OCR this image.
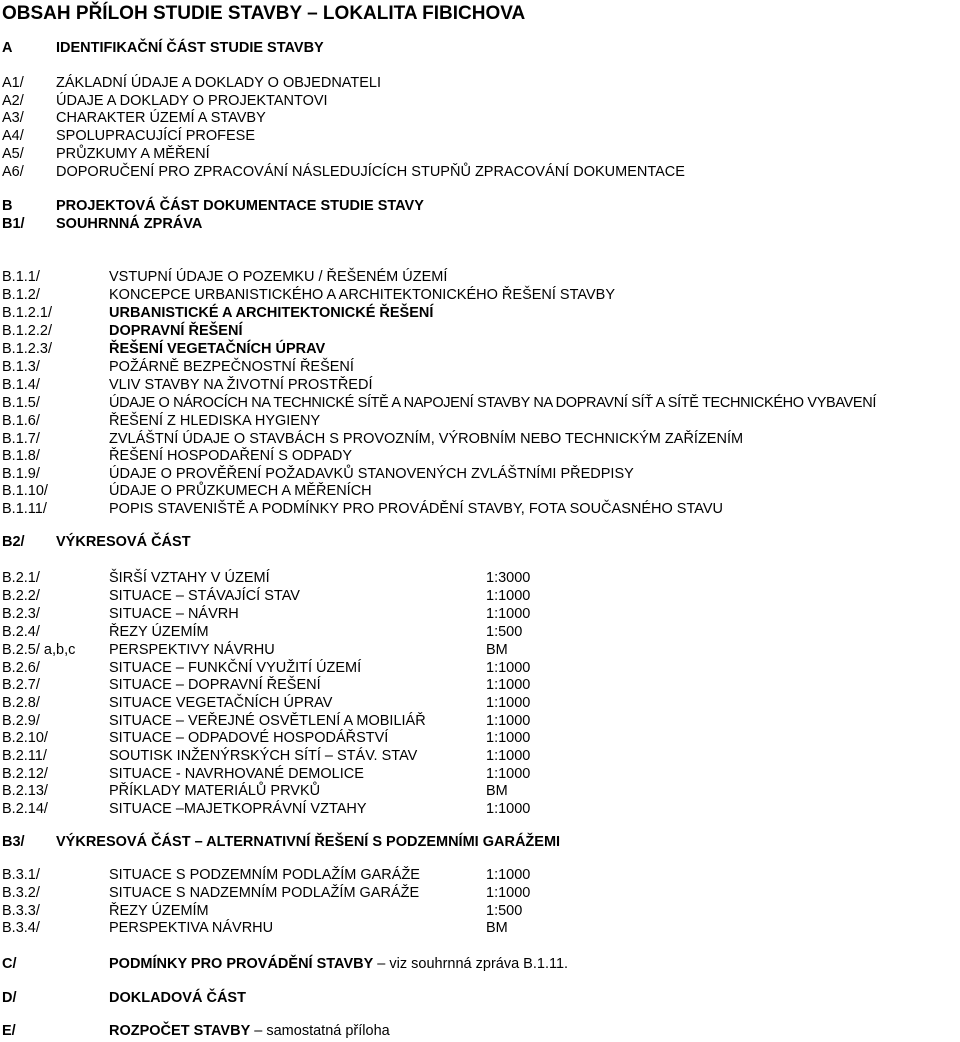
OBSAH PŘÍLOH STUDIE STAVBY – LOKALITA FIBICHOVA
A	IDENTIFIKAČNÍ ČÁST STUDIE STAVBY
A1/ ZÁKLADNÍ ÚDAJE A DOKLADY O OBJEDNATELI
A2/ ÚDAJE A DOKLADY O PROJEKTANTOVI
A3/ CHARAKTER ÚZEMÍ A STAVBY
A4/ SPOLUPRACUJÍCÍ PROFESE
A5/ PRŮZKUMY A MĚŘENÍ
A6/ DOPORUČENÍ PRO ZPRACOVÁNÍ NÁSLEDUJÍCÍCH STUPŇŮ ZPRACOVÁNÍ DOKUMENTACE
B	PROJEKTOVÁ ČÁST DOKUMENTACE STUDIE STAVY
B1/ SOUHRNNÁ ZPRÁVA
B.1.1/	VSTUPNÍ ÚDAJE O POZEMKU / ŘEŠENÉM ÚZEMÍ
B.1.2/	KONCEPCE URBANISTICKÉHO A ARCHITEKTONICKÉHO ŘEŠENÍ STAVBY
B.1.2.1/	URBANISTICKÉ A ARCHITEKTONICKÉ ŘEŠENÍ
B.1.2.2/	DOPRAVNÍ ŘEŠENÍ
B.1.2.3/	ŘEŠENÍ VEGETAČNÍCH ÚPRAV
B.1.3/	POŽÁRNĚ BEZPEČNOSTNÍ ŘEŠENÍ
B.1.4/	VLIV STAVBY NA ŽIVOTNÍ PROSTŘEDÍ
B.1.5/	ÚDAJE O NÁROCÍCH NA TECHNICKÉ SÍTĚ A NAPOJENÍ STAVBY NA DOPRAVNÍ SÍŤ A SÍTĚ TECHNICKÉHO VYBAVENÍ
B.1.6/	ŘEŠENÍ Z HLEDISKA HYGIENY
B.1.7/	ZVLÁŠTNÍ ÚDAJE O STAVBÁCH S PROVOZNÍM, VÝROBNÍM NEBO TECHNICKÝM ZAŘÍZENÍM
B.1.8/	ŘEŠENÍ HOSPODAŘENÍ S ODPADY
B.1.9/	ÚDAJE O PROVĚŘENÍ POŽADAVKŮ STANOVENÝCH ZVLÁŠTNÍMI PŘEDPISY
B.1.10/	ÚDAJE O PRŮZKUMECH A MĚŘENÍCH
B.1.11/	POPIS STAVENIŠTĚ A PODMÍNKY PRO PROVÁDĚNÍ STAVBY, FOTA SOUČASNÉHO STAVU
B2/ VÝKRESOVÁ ČÁST
B.2.1/	ŠIRŠÍ VZTAHY V ÚZEMÍ	1:3000
B.2.2/	SITUACE – STÁVAJÍCÍ STAV	1:1000
B.2.3/	SITUACE – NÁVRH	1:1000
B.2.4/	ŘEZY ÚZEMÍM	1:500
B.2.5/ a,b,c PERSPEKTIVY NÁVRHU	BM
B.2.6/	SITUACE – FUNKČNÍ VYUŽITÍ ÚZEMÍ	1:1000
B.2.7/	SITUACE – DOPRAVNÍ ŘEŠENÍ	1:1000
B.2.8/	SITUACE VEGETAČNÍCH ÚPRAV	1:1000
B.2.9/	SITUACE – VEŘEJNÉ OSVĚTLENÍ A MOBILIÁŘ	1:1000
B.2.10/	SITUACE – ODPADOVÉ HOSPODÁŘSTVÍ	1:1000
B.2.11/	SOUTISK INŽENÝRSKÝCH SÍTÍ – STÁV. STAV	1:1000
B.2.12/	SITUACE - NAVRHOVANÉ DEMOLICE	1:1000
B.2.13/	PŘÍKLADY MATERIÁLŮ PRVKŮ	BM
B.2.14/	SITUACE –MAJETKOPRÁVNÍ VZTAHY	1:1000
B3/ VÝKRESOVÁ ČÁST – ALTERNATIVNÍ ŘEŠENÍ S PODZEMNÍMI GARÁŽEMI
B.3.1/	SITUACE S PODZEMNÍM PODLAŽÍM GARÁŽE	1:1000
B.3.2/	SITUACE S NADZEMNÍM PODLAŽÍM GARÁŽE	1:1000
B.3.3/	ŘEZY ÚZEMÍM	1:500
B.3.4/	PERSPEKTIVA NÁVRHU	BM
C/	PODMÍNKY PRO PROVÁDĚNÍ STAVBY – viz souhrnná zpráva B.1.11.
D/	DOKLADOVÁ ČÁST
E/	ROZPOČET STAVBY – samostatná příloha
